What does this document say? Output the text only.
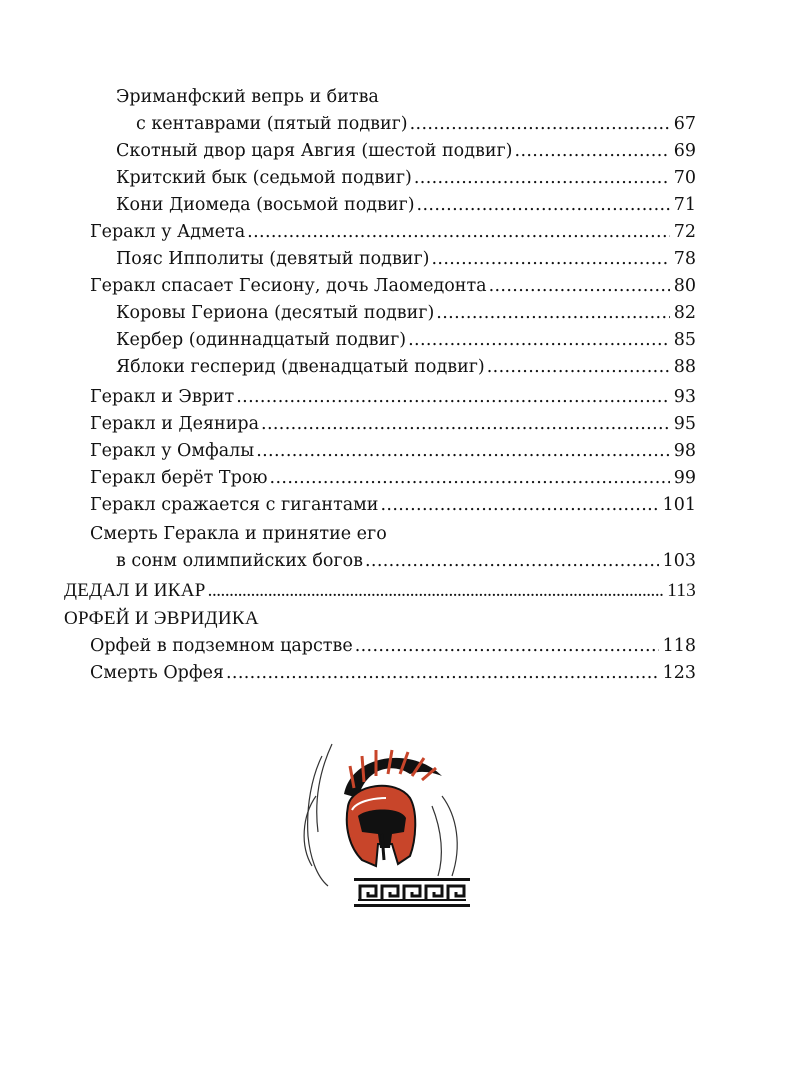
Эриманфский вепрь и битва
с кентаврами (пятый подвиг) . . .	67
Скотный двор царя Авгия (шестой подвиг) . . .	69
Критский бык (седьмой подвиг) . . .	70
Кони Диомеда (восьмой подвиг) . . .	71
Геракл у Адмета . . .	72
Пояс Ипполиты (девятый подвиг) . . .	78
Геракл спасает Гесиону, дочь Лаомедонта . . .	80
Коровы Гериона (десятый подвиг) . . .	82
Кербер (одиннадцатый подвиг) . . .	85
Яблоки гесперид (двенадцатый подвиг) . . .	88
Геракл и Эврит . . .	93
Геракл и Деянира . . .	95
Геракл у Омфалы . . .	98
Геракл берёт Трою . . .	99
Геракл сражается с гигантами . . .	101
Смерть Геракла и принятие его
в сонм олимпийских богов . . .	103
ДЕДАЛ И ИКАР . . .	113
ОРФЕЙ И ЭВРИДИКА
Орфей в подземном царстве . . .	118
Смерть Орфея . . .	123
